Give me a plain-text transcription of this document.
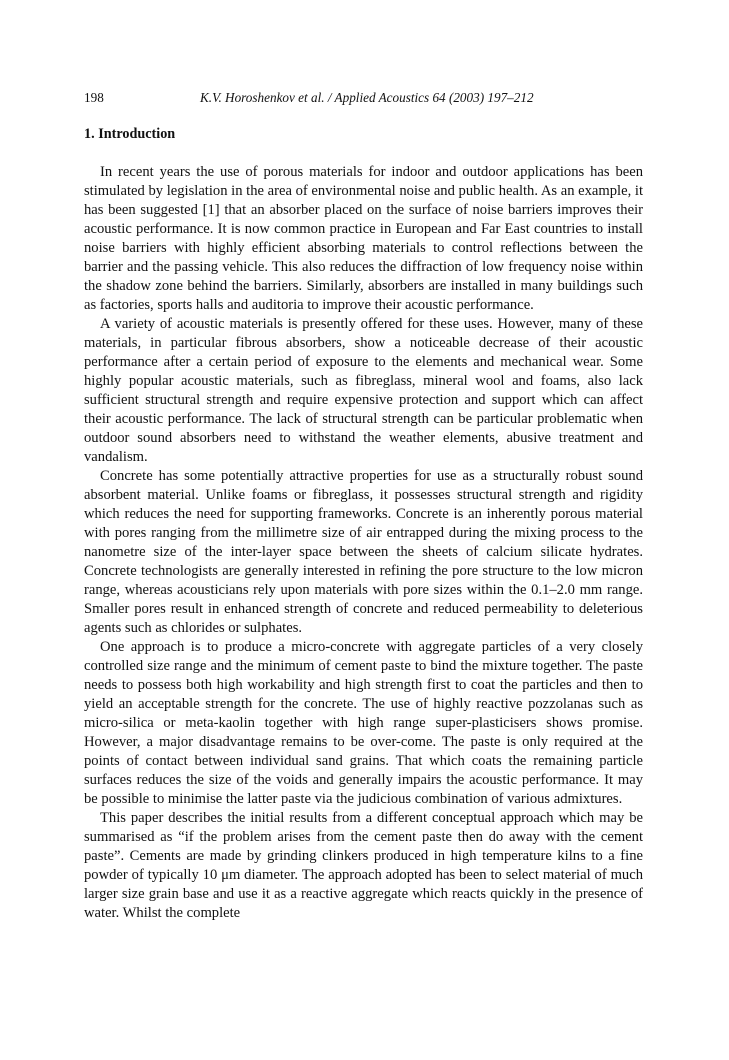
198	K.V. Horoshenkov et al. / Applied Acoustics 64 (2003) 197–212
1. Introduction

In recent years the use of porous materials for indoor and outdoor applications has been stimulated by legislation in the area of environmental noise and public health. As an example, it has been suggested [1] that an absorber placed on the surface of noise barriers improves their acoustic performance. It is now common practice in European and Far East countries to install noise barriers with highly efficient absorbing materials to control reflections between the barrier and the passing vehicle. This also reduces the diffraction of low frequency noise within the shadow zone behind the barriers. Similarly, absorbers are installed in many buildings such as factories, sports halls and auditoria to improve their acoustic performance.

A variety of acoustic materials is presently offered for these uses. However, many of these materials, in particular fibrous absorbers, show a noticeable decrease of their acoustic performance after a certain period of exposure to the elements and mechanical wear. Some highly popular acoustic materials, such as fibreglass, mineral wool and foams, also lack sufficient structural strength and require expensive protection and support which can affect their acoustic performance. The lack of structural strength can be particular problematic when outdoor sound absorbers need to withstand the weather elements, abusive treatment and vandalism.

Concrete has some potentially attractive properties for use as a structurally robust sound absorbent material. Unlike foams or fibreglass, it possesses structural strength and rigidity which reduces the need for supporting frameworks. Concrete is an inherently porous material with pores ranging from the millimetre size of air entrapped during the mixing process to the nanometre size of the inter-layer space between the sheets of calcium silicate hydrates. Concrete technologists are generally interested in refining the pore structure to the low micron range, whereas acousticians rely upon materials with pore sizes within the 0.1–2.0 mm range. Smaller pores result in enhanced strength of concrete and reduced permeability to deleterious agents such as chlorides or sulphates.

One approach is to produce a micro-concrete with aggregate particles of a very closely controlled size range and the minimum of cement paste to bind the mixture together. The paste needs to possess both high workability and high strength first to coat the particles and then to yield an acceptable strength for the concrete. The use of highly reactive pozzolanas such as micro-silica or meta-kaolin together with high range super-plasticisers shows promise. However, a major disadvantage remains to be over-come. The paste is only required at the points of contact between individual sand grains. That which coats the remaining particle surfaces reduces the size of the voids and generally impairs the acoustic performance. It may be possible to minimise the latter paste via the judicious combination of various admixtures.

This paper describes the initial results from a different conceptual approach which may be summarised as “if the problem arises from the cement paste then do away with the cement paste”. Cements are made by grinding clinkers produced in high temperature kilns to a fine powder of typically 10 μm diameter. The approach adopted has been to select material of much larger size grain base and use it as a reactive aggregate which reacts quickly in the presence of water. Whilst the complete
